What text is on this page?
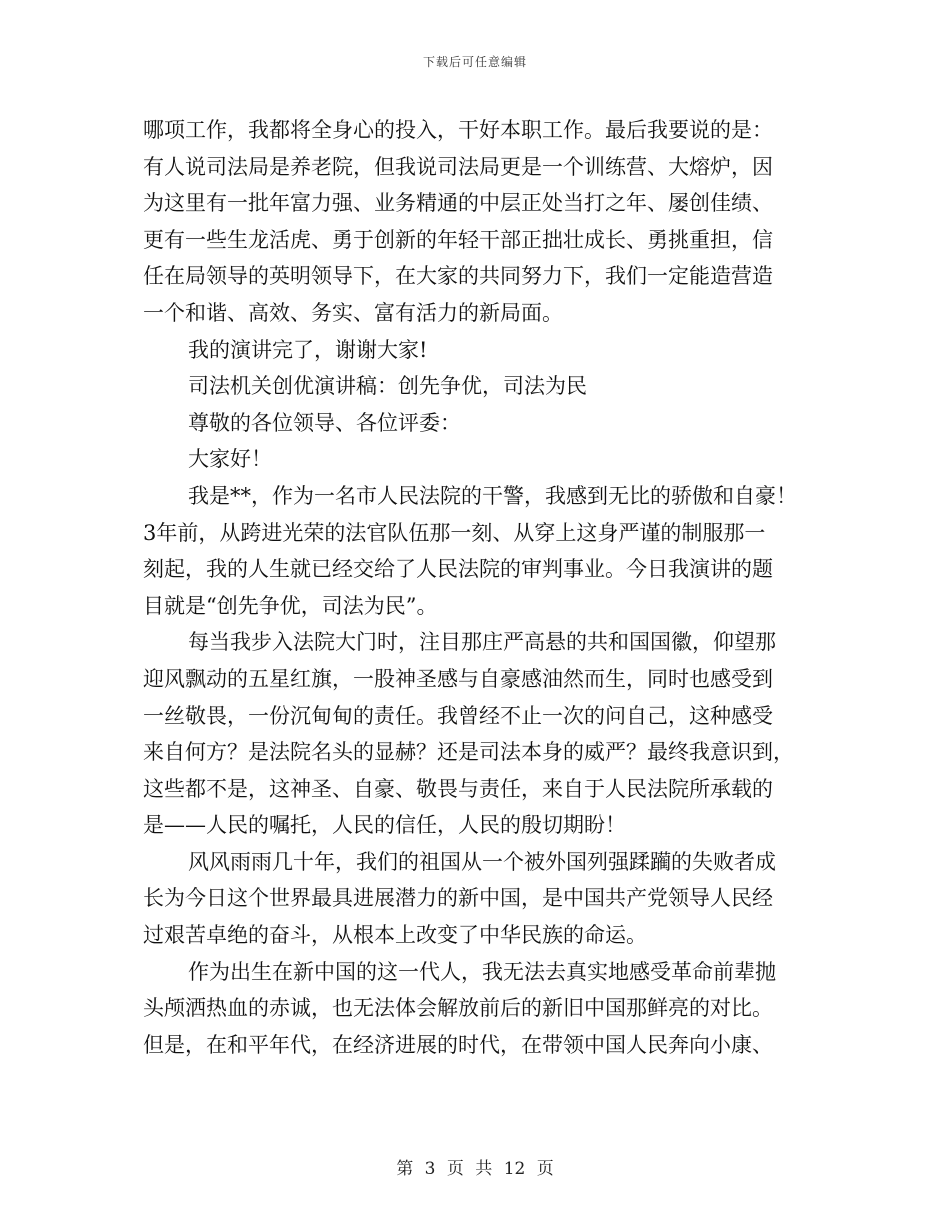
下载后可任意编辑
哪项工作，我都将全身心的投入，干好本职工作。最后我要说的是：
有人说司法局是养老院，但我说司法局更是一个训练营、大熔炉，因
为这里有一批年富力强、业务精通的中层正处当打之年、屡创佳绩、
更有一些生龙活虎、勇于创新的年轻干部正拙壮成长、勇挑重担，信
任在局领导的英明领导下，在大家的共同努力下，我们一定能造营造
一个和谐、高效、务实、富有活力的新局面。
我的演讲完了，谢谢大家!
司法机关创优演讲稿：创先争优，司法为民
尊敬的各位领导、各位评委：
大家好！
我是**，作为一名市人民法院的干警，我感到无比的骄傲和自豪！
3年前，从跨进光荣的法官队伍那一刻、从穿上这身严谨的制服那一
刻起，我的人生就已经交给了人民法院的审判事业。今日我演讲的题
目就是“创先争优，司法为民”。
每当我步入法院大门时，注目那庄严高悬的共和国国徽，仰望那
迎风飘动的五星红旗，一股神圣感与自豪感油然而生，同时也感受到
一丝敬畏，一份沉甸甸的责任。我曾经不止一次的问自己，这种感受
来自何方？是法院名头的显赫？还是司法本身的威严？最终我意识到，
这些都不是，这神圣、自豪、敬畏与责任，来自于人民法院所承载的
是——人民的嘱托，人民的信任，人民的殷切期盼！
风风雨雨几十年，我们的祖国从一个被外国列强蹂躏的失败者成
长为今日这个世界最具进展潜力的新中国，是中国共产党领导人民经
过艰苦卓绝的奋斗，从根本上改变了中华民族的命运。
作为出生在新中国的这一代人，我无法去真实地感受革命前辈抛
头颅洒热血的赤诚，也无法体会解放前后的新旧中国那鲜亮的对比。
但是，在和平年代，在经济进展的时代，在带领中国人民奔向小康、
第 3 页 共 12 页
